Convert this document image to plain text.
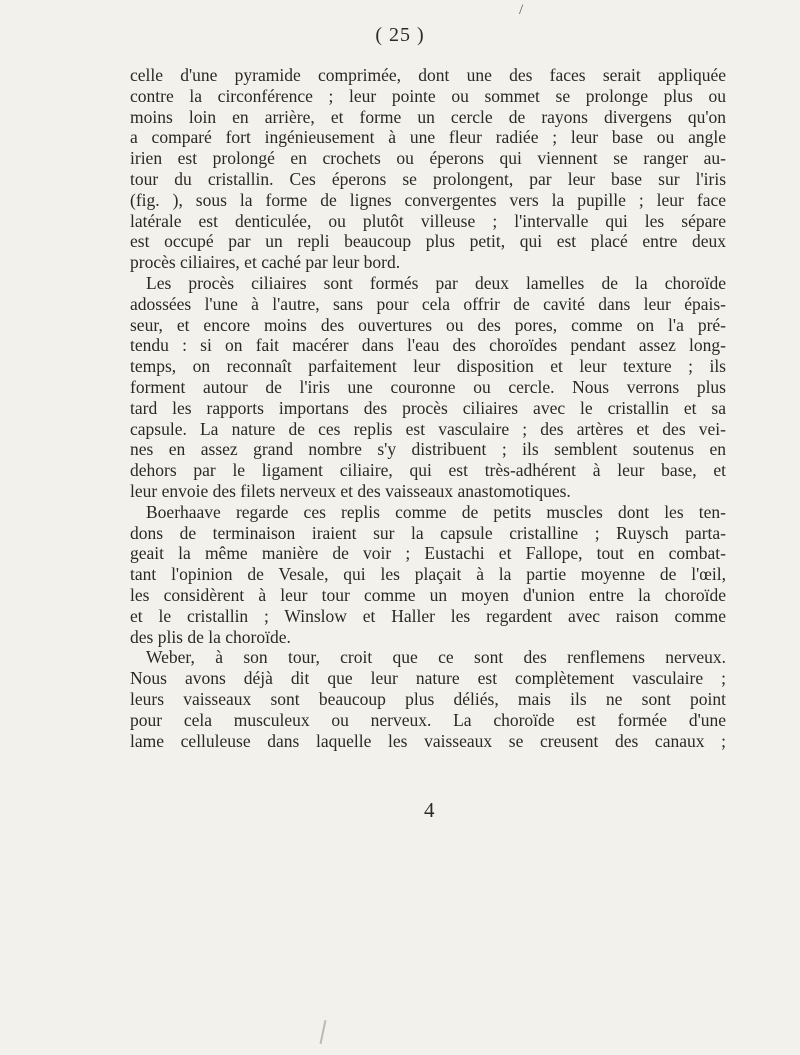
/
( 25 )
celle d'une pyramide comprimée, dont une des faces serait appliquée
contre la circonférence ; leur pointe ou sommet se prolonge plus ou
moins loin en arrière, et forme un cercle de rayons divergens qu'on
a comparé fort ingénieusement à une fleur radiée ; leur base ou angle
irien est prolongé en crochets ou éperons qui viennent se ranger au-
tour du cristallin. Ces éperons se prolongent, par leur base sur l'iris
(fig. ), sous la forme de lignes convergentes vers la pupille ; leur face
latérale est denticulée, ou plutôt villeuse ; l'intervalle qui les sépare
est occupé par un repli beaucoup plus petit, qui est placé entre deux
procès ciliaires, et caché par leur bord.
Les procès ciliaires sont formés par deux lamelles de la choroïde
adossées l'une à l'autre, sans pour cela offrir de cavité dans leur épais-
seur, et encore moins des ouvertures ou des pores, comme on l'a pré-
tendu : si on fait macérer dans l'eau des choroïdes pendant assez long-
temps, on reconnaît parfaitement leur disposition et leur texture ; ils
forment autour de l'iris une couronne ou cercle. Nous verrons plus
tard les rapports importans des procès ciliaires avec le cristallin et sa
capsule. La nature de ces replis est vasculaire ; des artères et des vei-
nes en assez grand nombre s'y distribuent ; ils semblent soutenus en
dehors par le ligament ciliaire, qui est très-adhérent à leur base, et
leur envoie des filets nerveux et des vaisseaux anastomotiques.
Boerhaave regarde ces replis comme de petits muscles dont les ten-
dons de terminaison iraient sur la capsule cristalline ; Ruysch parta-
geait la même manière de voir ; Eustachi et Fallope, tout en combat-
tant l'opinion de Vesale, qui les plaçait à la partie moyenne de l'œil,
les considèrent à leur tour comme un moyen d'union entre la choroïde
et le cristallin ; Winslow et Haller les regardent avec raison comme
des plis de la choroïde.
Weber, à son tour, croit que ce sont des renflemens nerveux.
Nous avons déjà dit que leur nature est complètement vasculaire ;
leurs vaisseaux sont beaucoup plus déliés, mais ils ne sont point
pour cela musculeux ou nerveux. La choroïde est formée d'une
lame celluleuse dans laquelle les vaisseaux se creusent des canaux ;
4
